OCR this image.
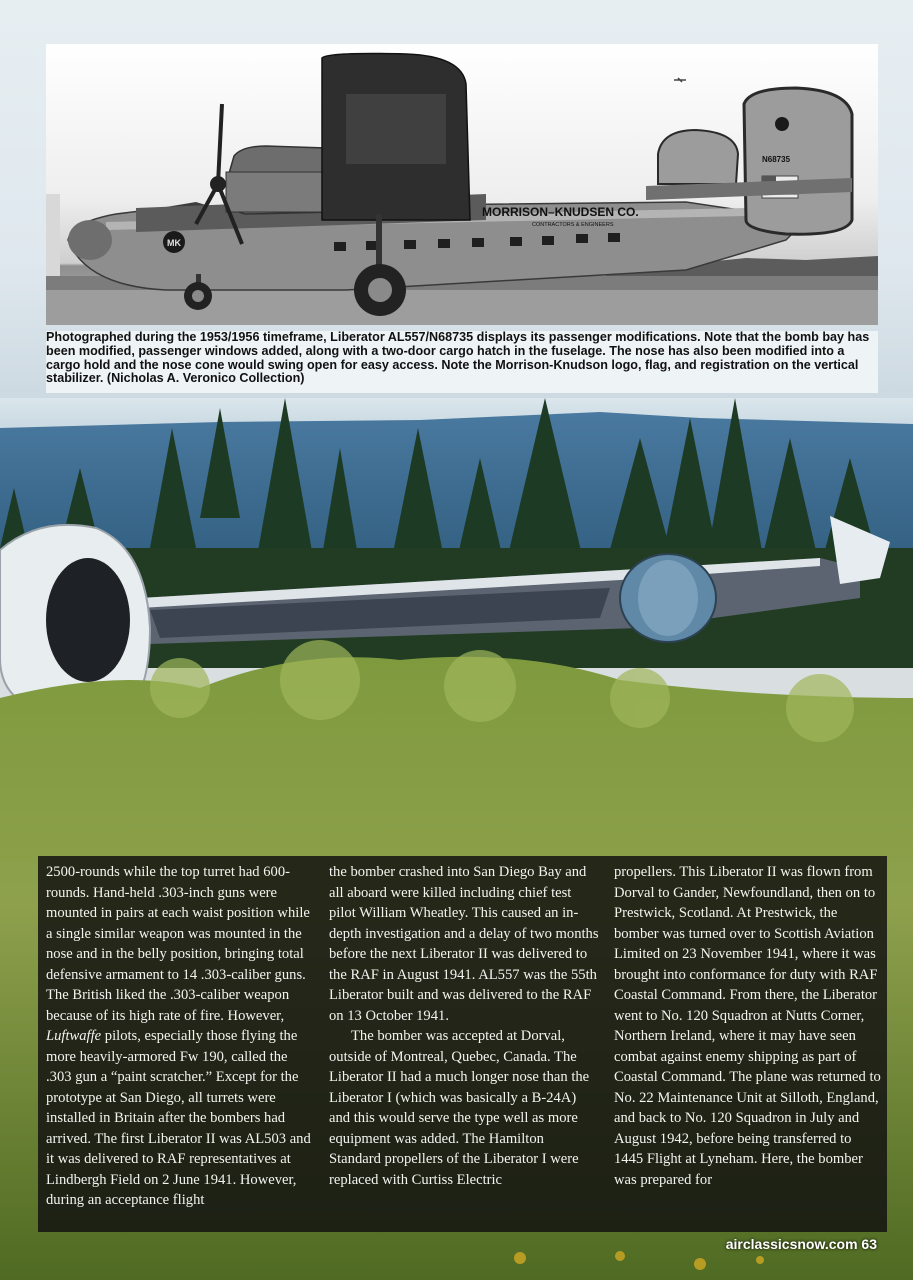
MORRISON–KNUDSEN CO.
CONTRACTORS & ENGINEERS
N68735
MK
Photographed during the 1953/1956 timeframe, Liberator AL557/N68735 displays its passenger modifications. Note that the bomb bay has been modified, passenger windows added, along with a two-door cargo hatch in the fuselage. The nose has also been modified into a cargo hold and the nose cone would swing open for easy access. Note the Morrison-Knudson logo, flag, and registration on the vertical stabilizer. (Nicholas A. Veronico Collection)

2500-rounds while the top turret had 600-rounds. Hand-held .303-inch guns were mounted in pairs at each waist position while a single similar weapon was mounted in the nose and in the belly position, bringing total defensive armament to 14 .303-caliber guns. The British liked the .303-caliber weapon because of its high rate of fire. However, Luftwaffe pilots, especially those flying the more heavily-armored Fw 190, called the .303 gun a “paint scratcher.” Except for the prototype at San Diego, all turrets were installed in Britain after the bombers had arrived. The first Liberator II was AL503 and it was delivered to RAF representatives at Lindbergh Field on 2 June 1941. However, during an acceptance flight

the bomber crashed into San Diego Bay and all aboard were killed including chief test pilot William Wheatley. This caused an in-depth investigation and a delay of two months before the next Liberator II was delivered to the RAF in August 1941. AL557 was the 55th Liberator built and was delivered to the RAF on 13 October 1941.

The bomber was accepted at Dorval, outside of Montreal, Quebec, Canada. The Liberator II had a much longer nose than the Liberator I (which was basically a B-24A) and this would serve the type well as more equipment was added. The Hamilton Standard propellers of the Liberator I were replaced with Curtiss Electric

propellers. This Liberator II was flown from Dorval to Gander, Newfoundland, then on to Prestwick, Scotland. At Prestwick, the bomber was turned over to Scottish Aviation Limited on 23 November 1941, where it was brought into conformance for duty with RAF Coastal Command. From there, the Liberator went to No. 120 Squadron at Nutts Corner, Northern Ireland, where it may have seen combat against enemy shipping as part of Coastal Command. The plane was returned to No. 22 Maintenance Unit at Silloth, England, and back to No. 120 Squadron in July and August 1942, before being transferred to 1445 Flight at Lyneham. Here, the bomber was prepared for

airclassicsnow.com 63
